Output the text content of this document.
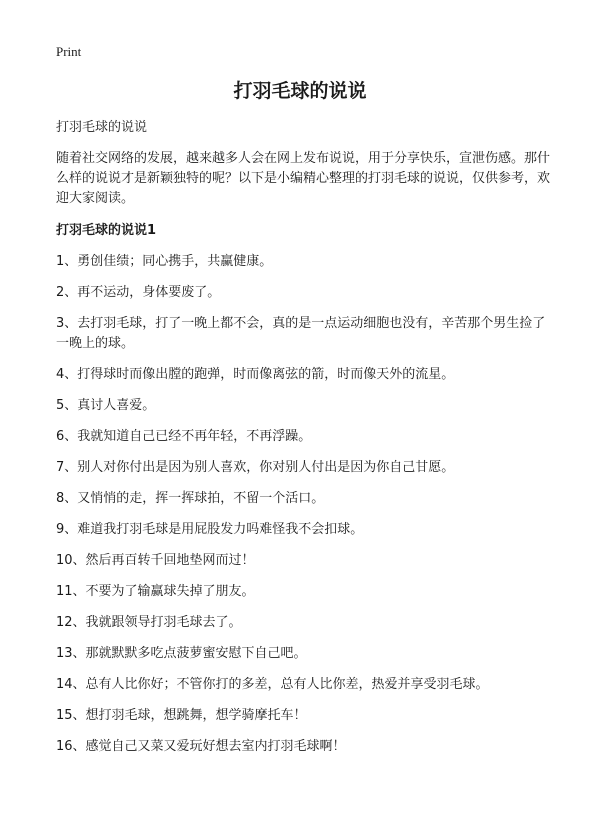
Print
打羽毛球的说说

打羽毛球的说说

随着社交网络的发展，越来越多人会在网上发布说说，用于分享快乐，宣泄伤感。那什么样的说说才是新颖独特的呢？以下是小编精心整理的打羽毛球的说说，仅供参考，欢迎大家阅读。

打羽毛球的说说1

1、勇创佳绩；同心携手，共赢健康。
2、再不运动，身体要废了。
3、去打羽毛球，打了一晚上都不会，真的是一点运动细胞也没有，辛苦那个男生捡了一晚上的球。
4、打得球时而像出膛的跑弹，时而像离弦的箭，时而像天外的流星。
5、真讨人喜爱。
6、我就知道自己已经不再年轻，不再浮躁。
7、别人对你付出是因为别人喜欢，你对别人付出是因为你自己甘愿。
8、又悄悄的走，挥一挥球拍，不留一个活口。
9、难道我打羽毛球是用屁股发力吗难怪我不会扣球。
10、然后再百转千回地垫网而过！
11、不要为了输赢球失掉了朋友。
12、我就跟领导打羽毛球去了。
13、那就默默多吃点菠萝蜜安慰下自己吧。
14、总有人比你好；不管你打的多差，总有人比你差，热爱并享受羽毛球。
15、想打羽毛球，想跳舞，想学骑摩托车！
16、感觉自己又菜又爱玩好想去室内打羽毛球啊！
